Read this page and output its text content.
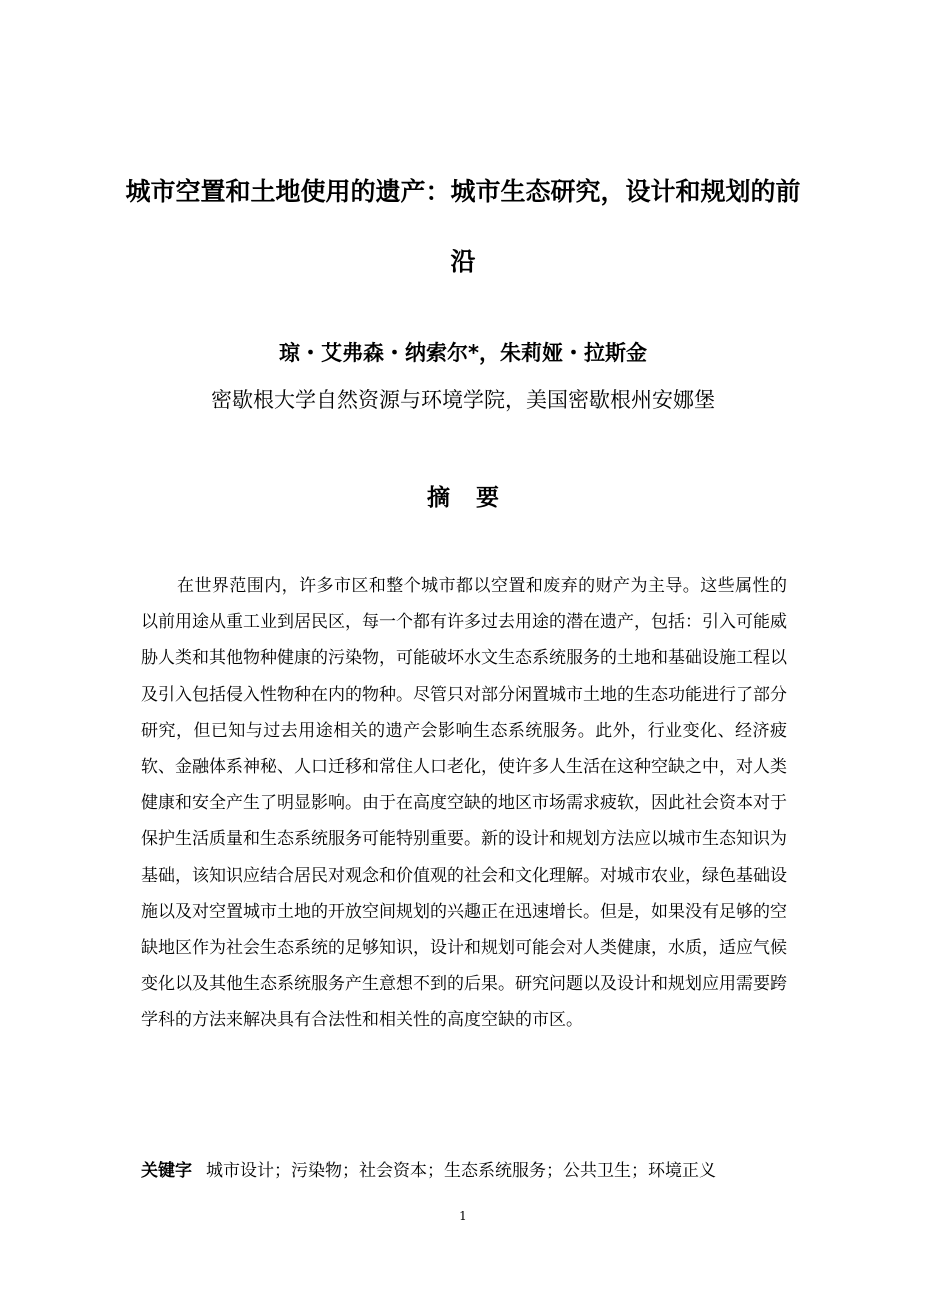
城市空置和土地使用的遗产：城市生态研究，设计和规划的前沿
琼・艾弗森・纳索尔*，朱莉娅・拉斯金
密歇根大学自然资源与环境学院，美国密歇根州安娜堡
摘要

在世界范围内，许多市区和整个城市都以空置和废弃的财产为主导。这些属性的以前用途从重工业到居民区，每一个都有许多过去用途的潜在遗产，包括：引入可能威胁人类和其他物种健康的污染物，可能破坏水文生态系统服务的土地和基础设施工程以及引入包括侵入性物种在内的物种。尽管只对部分闲置城市土地的生态功能进行了部分研究，但已知与过去用途相关的遗产会影响生态系统服务。此外，行业变化、经济疲软、金融体系神秘、人口迁移和常住人口老化，使许多人生活在这种空缺之中，对人类健康和安全产生了明显影响。由于在高度空缺的地区市场需求疲软，因此社会资本对于保护生活质量和生态系统服务可能特别重要。新的设计和规划方法应以城市生态知识为基础，该知识应结合居民对观念和价值观的社会和文化理解。对城市农业，绿色基础设施以及对空置城市土地的开放空间规划的兴趣正在迅速增长。但是，如果没有足够的空缺地区作为社会生态系统的足够知识，设计和规划可能会对人类健康，水质，适应气候变化以及其他生态系统服务产生意想不到的后果。研究问题以及设计和规划应用需要跨学科的方法来解决具有合法性和相关性的高度空缺的市区。

关键字 城市设计；污染物；社会资本；生态系统服务；公共卫生；环境正义
1
